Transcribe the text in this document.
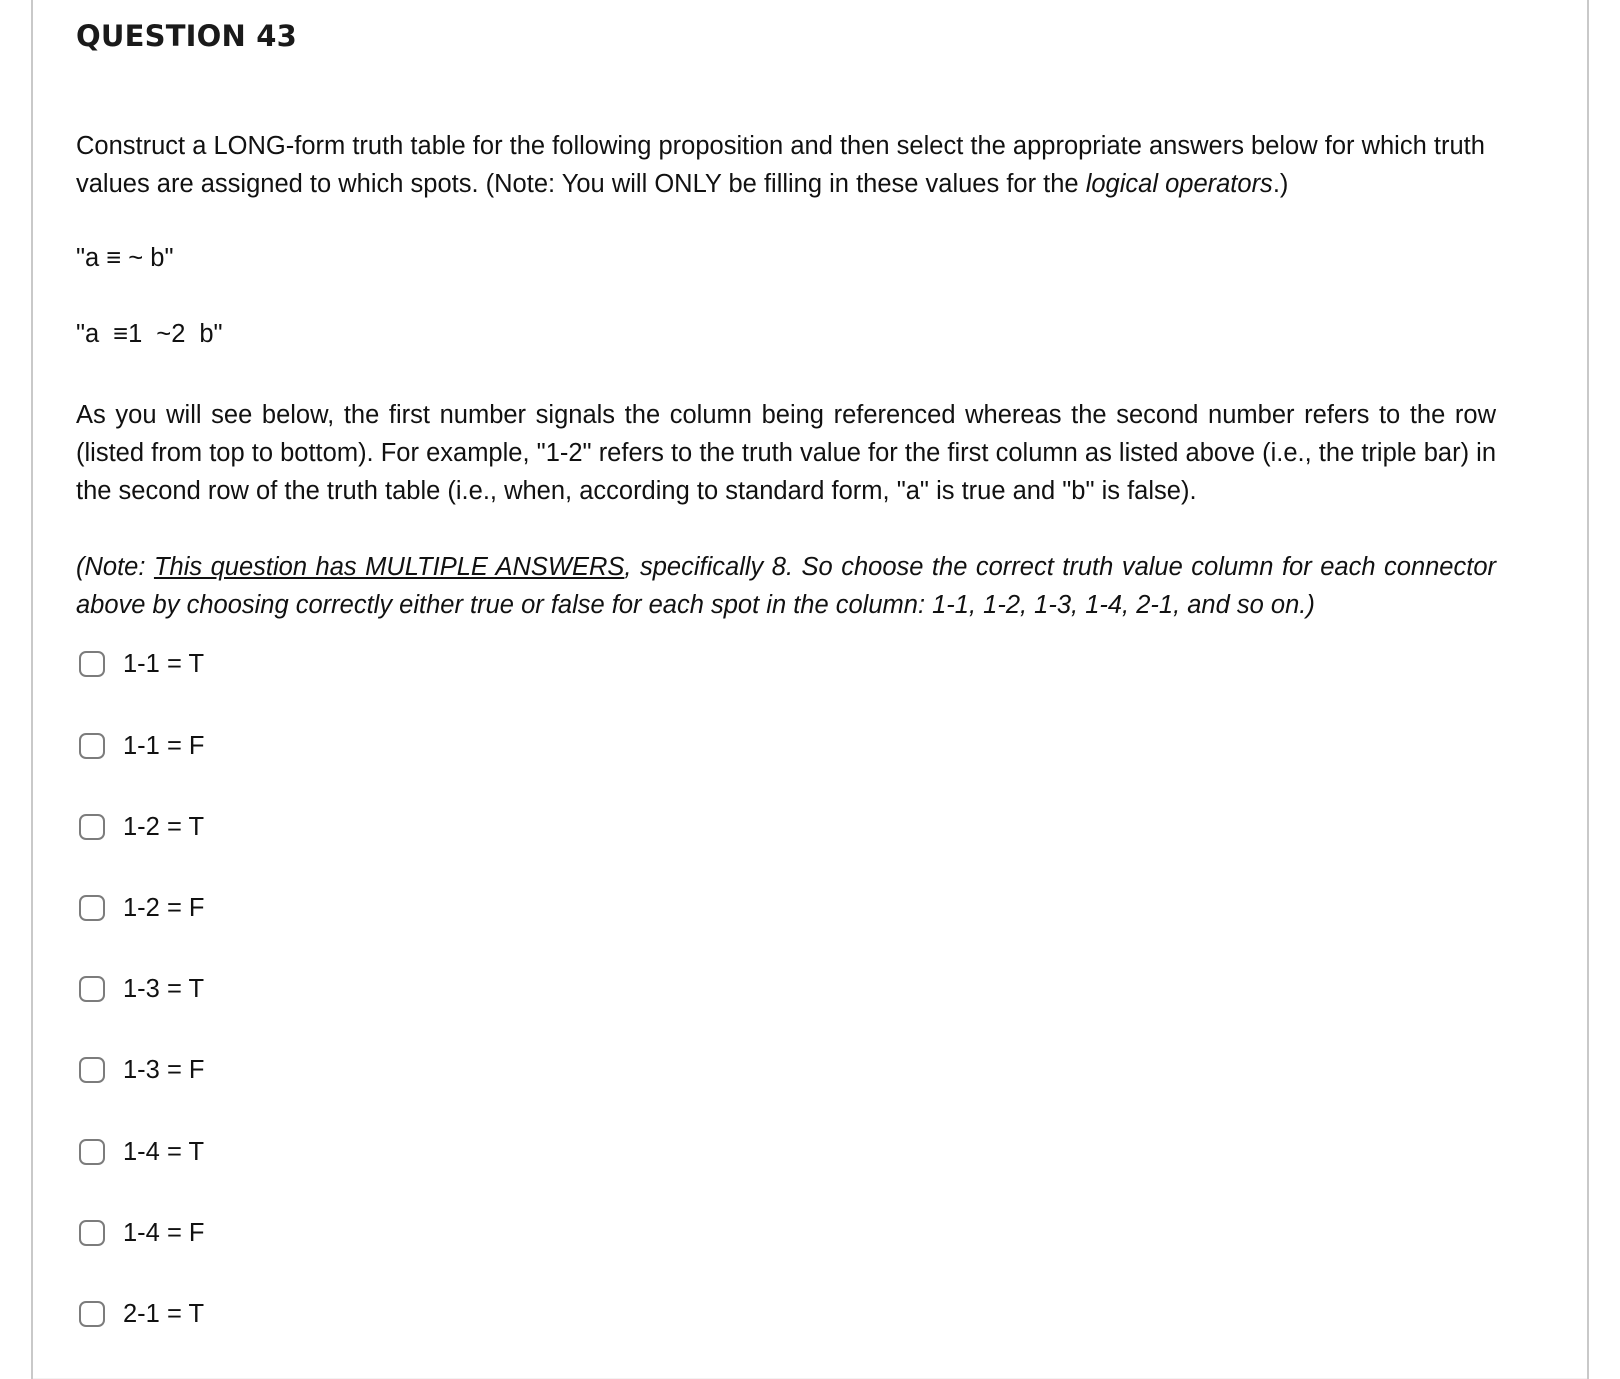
QUESTION 43

Construct a LONG-form truth table for the following proposition and then select the appropriate answers below for which truth values are assigned to which spots. (Note: You will ONLY be filling in these values for the logical operators.)

"a ≡ ~ b"
"a ≡1 ~2 b"

As you will see below, the first number signals the column being referenced whereas the second number refers to the row (listed from top to bottom). For example, "1-2" refers to the truth value for the first column as listed above (i.e., the triple bar) in the second row of the truth table (i.e., when, according to standard form, "a" is true and "b" is false).

(Note: This question has MULTIPLE ANSWERS, specifically 8. So choose the correct truth value column for each connector above by choosing correctly either true or false for each spot in the column: 1-1, 1-2, 1-3, 1-4, 2-1, and so on.)

1-1 = T
1-1 = F
1-2 = T
1-2 = F
1-3 = T
1-3 = F
1-4 = T
1-4 = F
2-1 = T
